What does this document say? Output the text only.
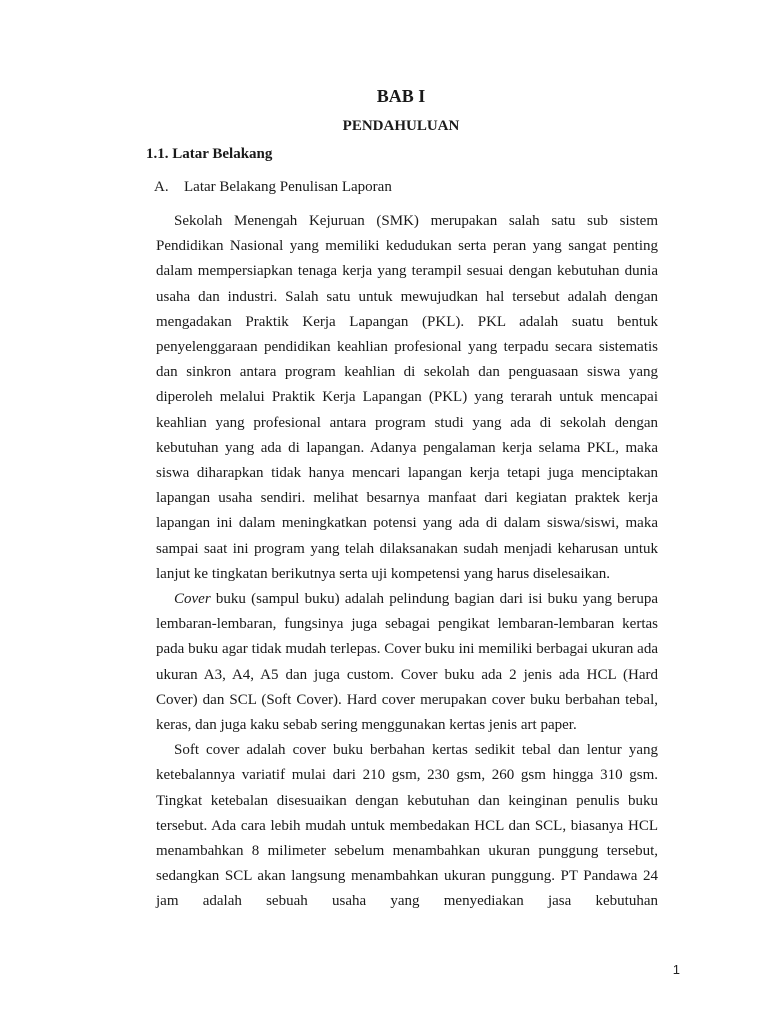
BAB I
PENDAHULUAN
1.1. Latar Belakang
A.	Latar Belakang Penulisan Laporan

Sekolah Menengah Kejuruan (SMK) merupakan salah satu sub sistem Pendidikan Nasional yang memiliki kedudukan serta peran yang sangat penting dalam mempersiapkan tenaga kerja yang terampil sesuai dengan kebutuhan dunia usaha dan industri. Salah satu untuk mewujudkan hal tersebut adalah dengan mengadakan Praktik Kerja Lapangan (PKL). PKL adalah suatu bentuk penyelenggaraan pendidikan keahlian profesional yang terpadu secara sistematis dan sinkron antara program keahlian di sekolah dan penguasaan siswa yang diperoleh melalui Praktik Kerja Lapangan (PKL) yang terarah untuk mencapai keahlian yang profesional antara program studi yang ada di sekolah dengan kebutuhan yang ada di lapangan. Adanya pengalaman kerja selama PKL, maka siswa diharapkan tidak hanya mencari lapangan kerja tetapi juga menciptakan lapangan usaha sendiri. melihat besarnya manfaat dari kegiatan praktek kerja lapangan ini dalam meningkatkan potensi yang ada di dalam siswa/siswi, maka sampai saat ini program yang telah dilaksanakan sudah menjadi keharusan untuk lanjut ke tingkatan berikutnya serta uji kompetensi yang harus diselesaikan.

Cover buku (sampul buku) adalah pelindung bagian dari isi buku yang berupa lembaran-lembaran, fungsinya juga sebagai pengikat lembaran-lembaran kertas pada buku agar tidak mudah terlepas. Cover buku ini memiliki berbagai ukuran ada ukuran A3, A4, A5 dan juga custom. Cover buku ada 2 jenis ada HCL (Hard Cover) dan SCL (Soft Cover). Hard cover merupakan cover buku berbahan tebal, keras, dan juga kaku sebab sering menggunakan kertas jenis art paper.

Soft cover adalah cover buku berbahan kertas sedikit tebal dan lentur yang ketebalannya variatif mulai dari 210 gsm, 230 gsm, 260 gsm hingga 310 gsm. Tingkat ketebalan disesuaikan dengan kebutuhan dan keinginan penulis buku tersebut. Ada cara lebih mudah untuk membedakan HCL dan SCL, biasanya HCL menambahkan 8 milimeter sebelum menambahkan ukuran punggung tersebut, sedangkan SCL akan langsung menambahkan ukuran punggung. PT Pandawa 24 jam adalah sebuah usaha yang menyediakan jasa kebutuhan

1
